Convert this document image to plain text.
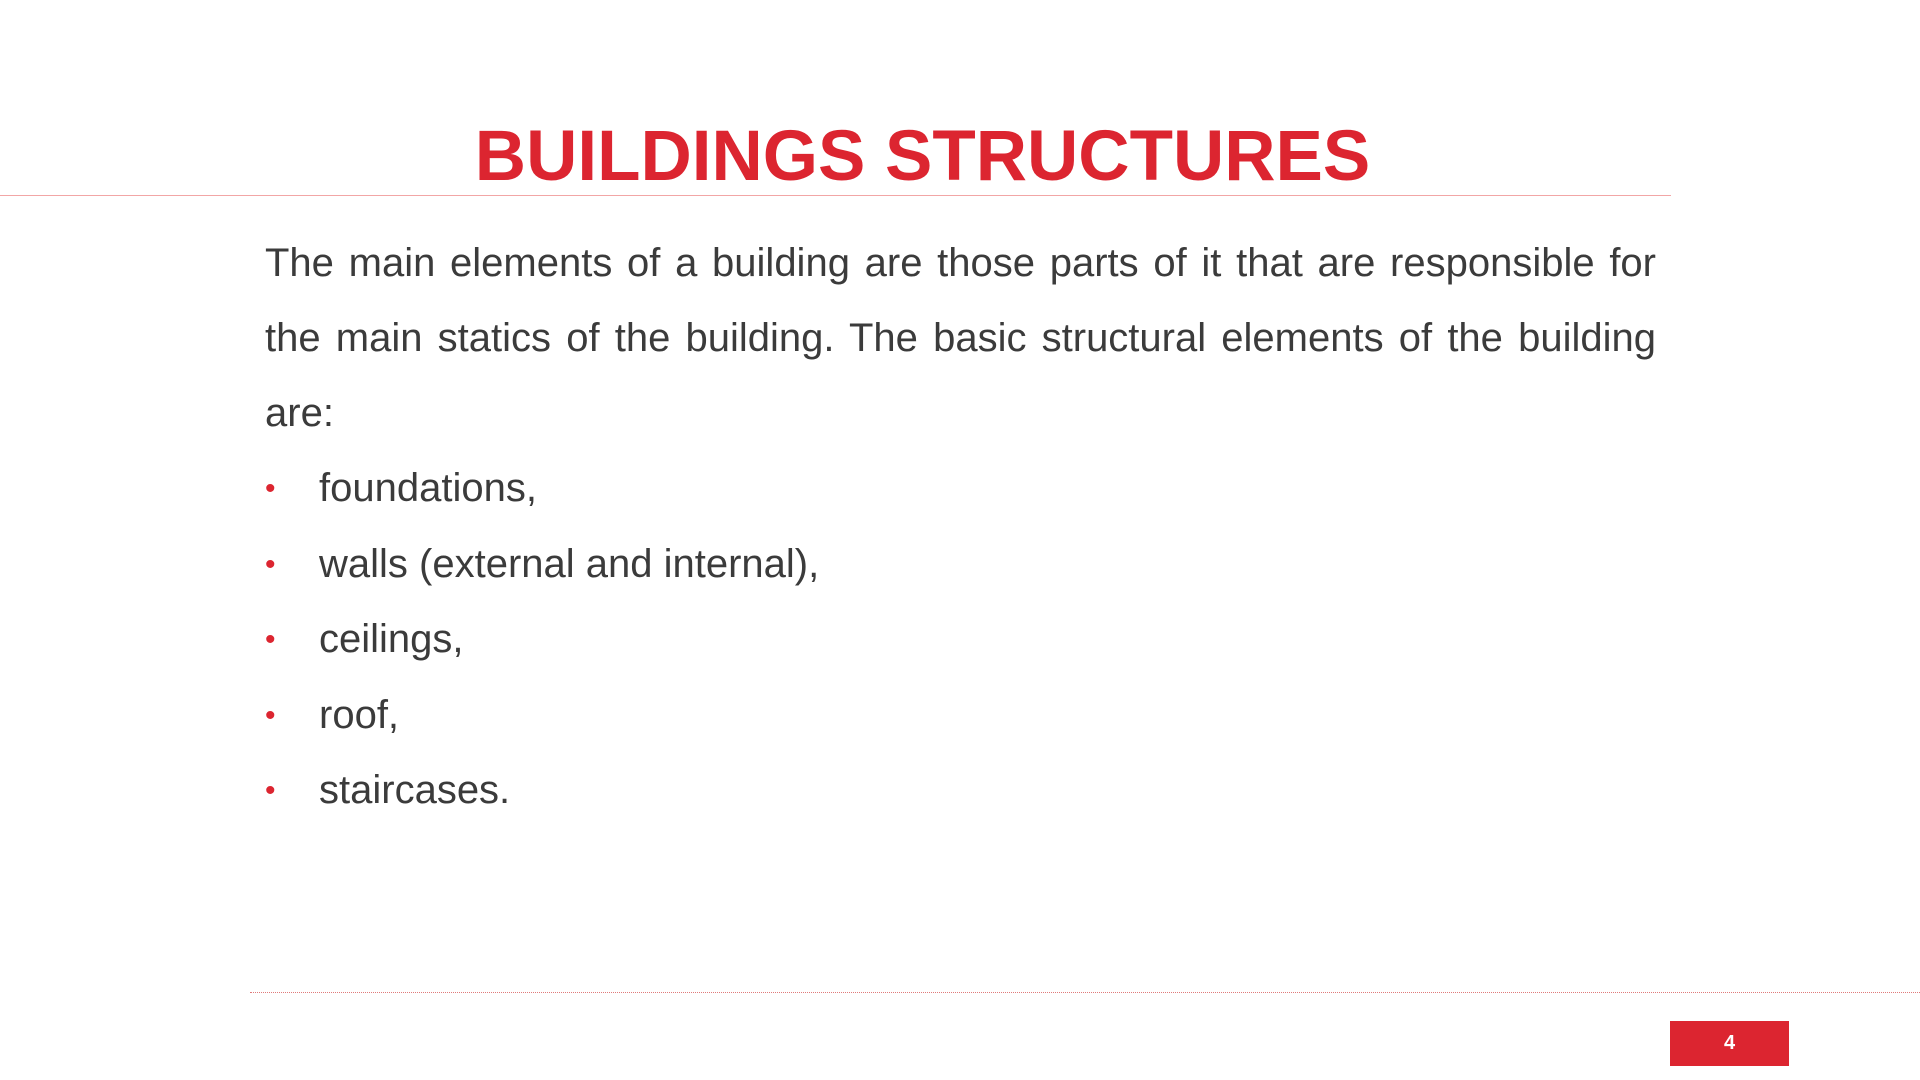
BUILDINGS STRUCTURES

The main elements of a building are those parts of it that are responsible for the main statics of the building. The basic structural elements of the building are:

• foundations,
• walls (external and internal),
• ceilings,
• roof,
• staircases.
4
